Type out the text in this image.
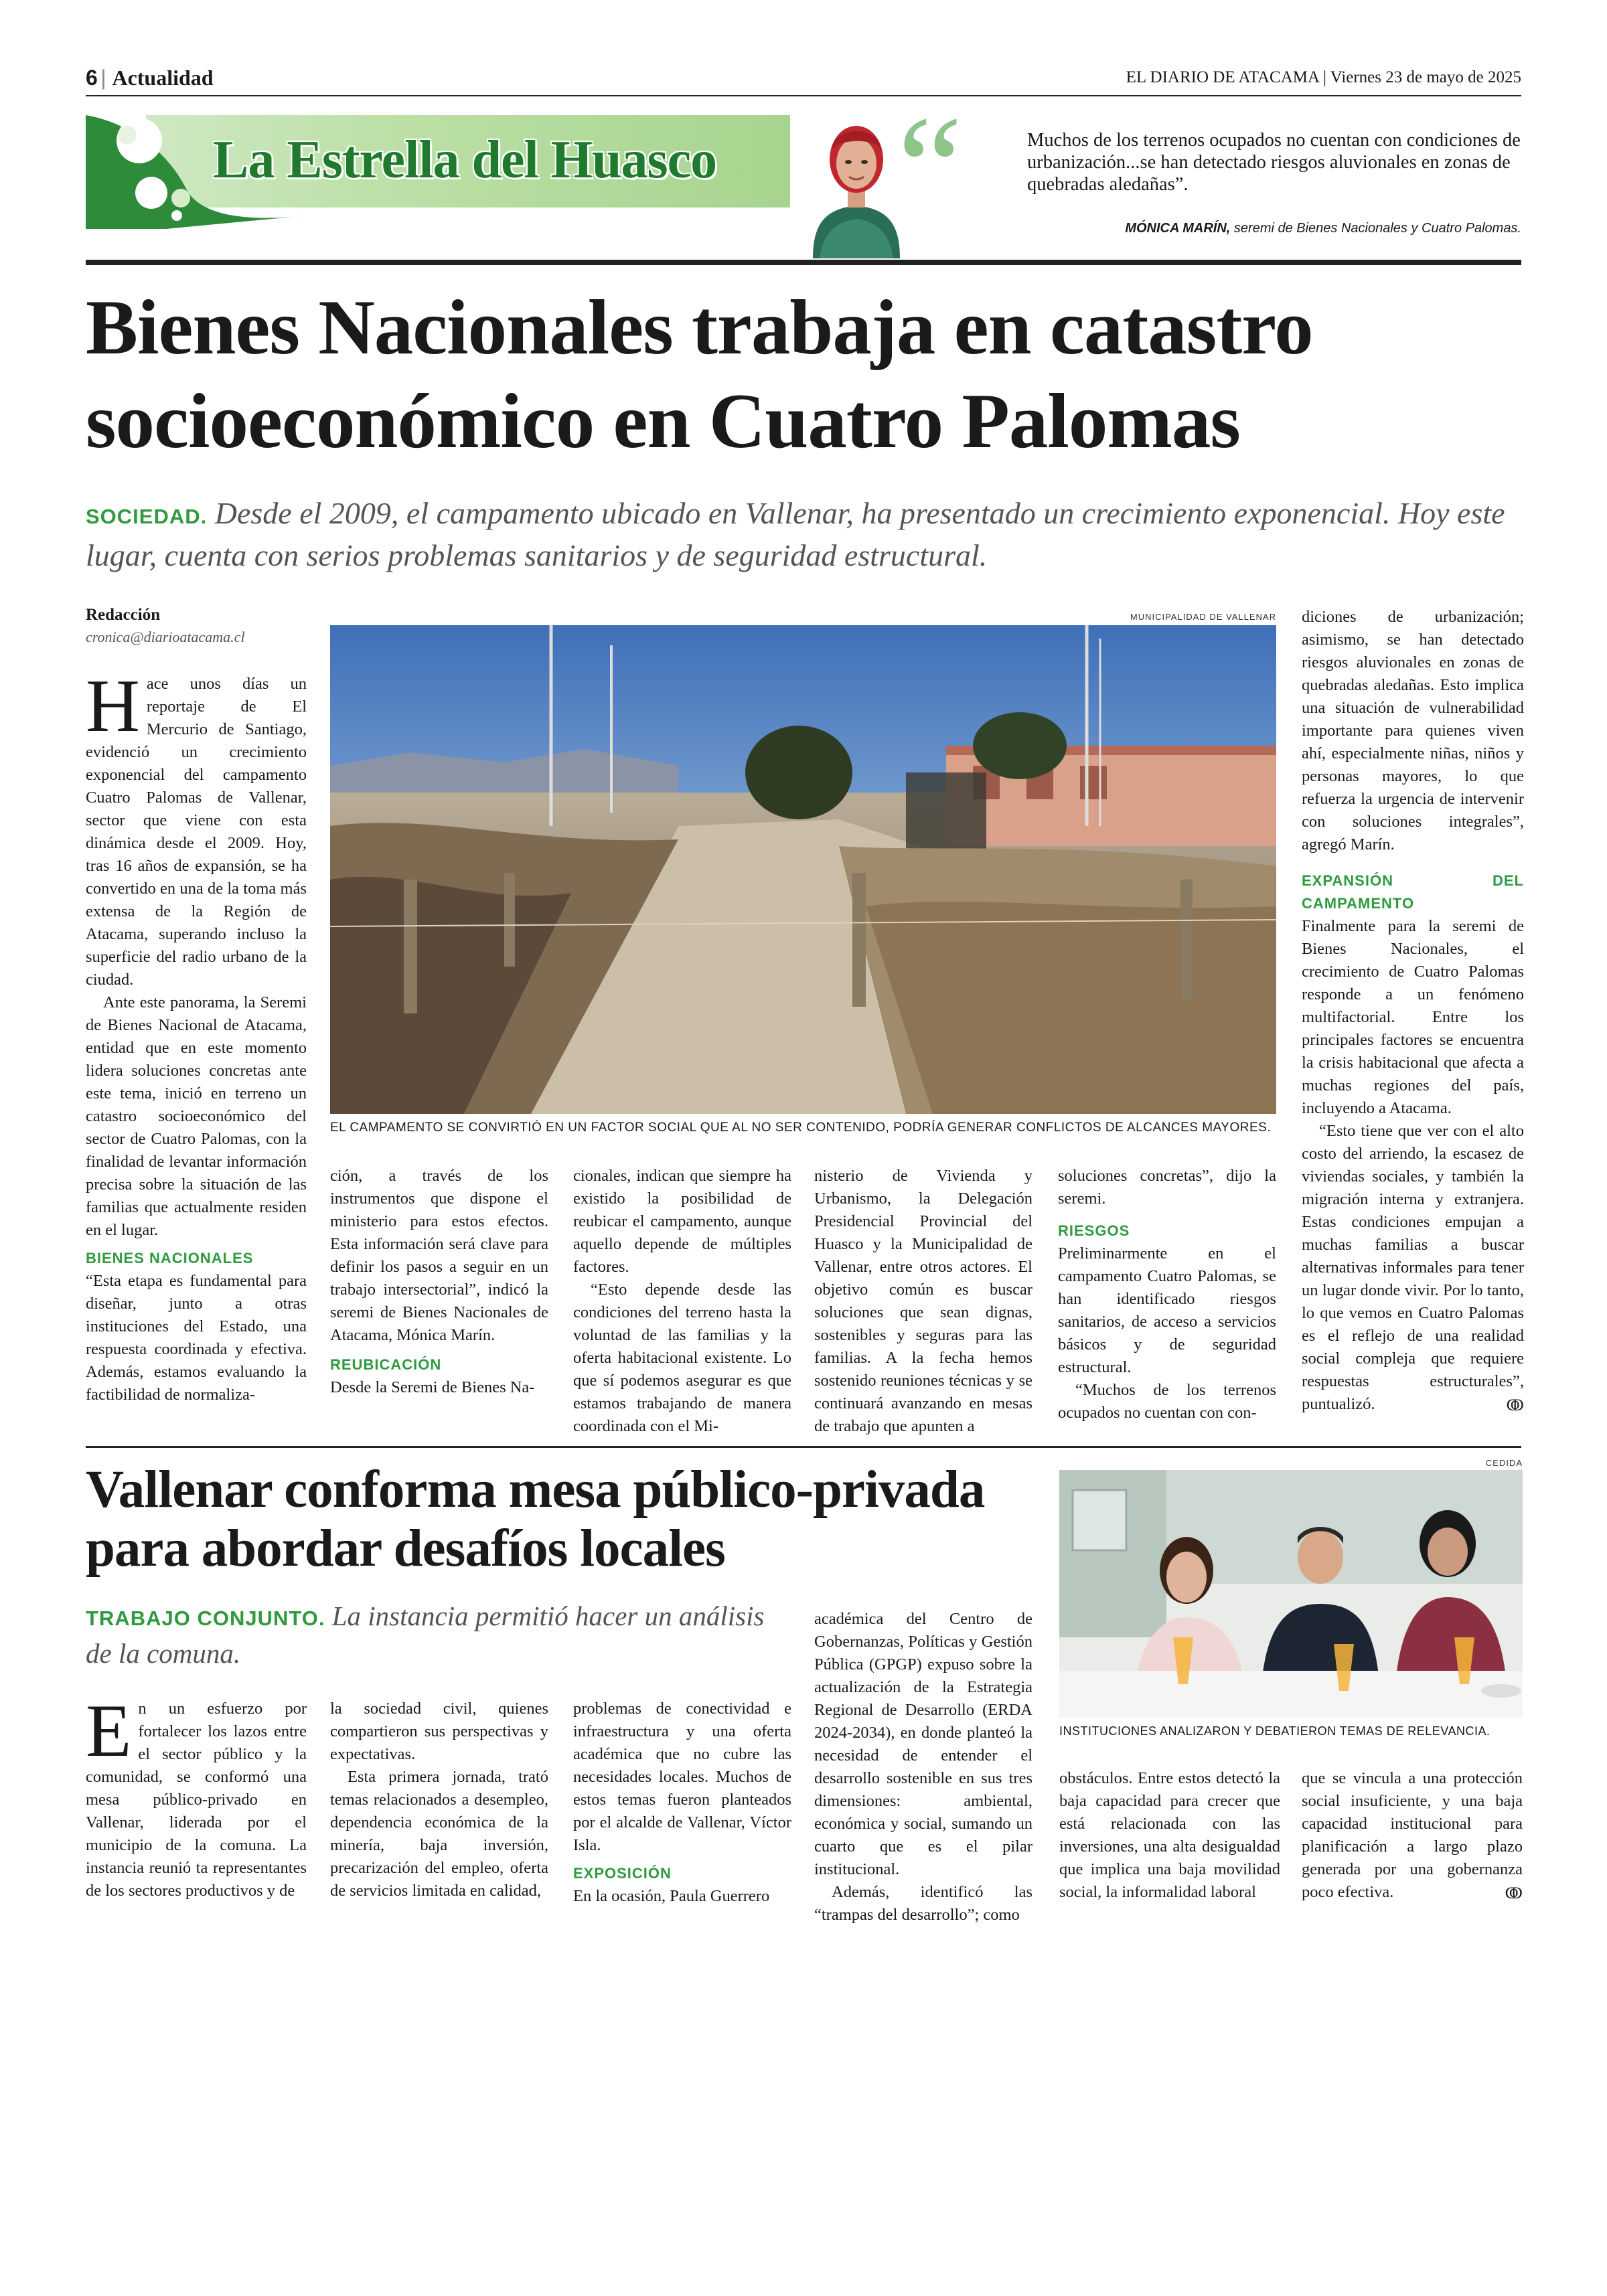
6 | Actualidad	EL DIARIO DE ATACAMA | Viernes 23 de mayo de 2025
La Estrella del Huasco “	Muchos de los terrenos ocupados no cuentan con condiciones de urbanización...se han detectado riesgos aluvionales en zonas de quebradas aledañas”.
MÓNICA MARÍN, seremi de Bienes Nacionales y Cuatro Palomas.
Bienes Nacionales trabaja en catastro
socioeconómico en Cuatro Palomas
SOCIEDAD. Desde el 2009, el campamento ubicado en Vallenar, ha presentado un crecimiento exponencial. Hoy este lugar, cuenta con serios problemas sanitarios y de seguridad estructural.
Redacción
cronica@diarioatacama.cl
MUNICIPALIDAD DE VALLENAR
EL CAMPAMENTO SE CONVIRTIÓ EN UN FACTOR SOCIAL QUE AL NO SER CONTENIDO, PODRÍA GENERAR CONFLICTOS DE ALCANCES MAYORES.

Hace unos días un reportaje de El Mercurio de Santiago, evidenció un crecimiento exponencial del campamento Cuatro Palomas de Vallenar, sector que viene con esta dinámica desde el 2009. Hoy, tras 16 años de expansión, se ha convertido en una de la toma más extensa de la Región de Atacama, superando incluso la superficie del radio urbano de la ciudad.

Ante este panorama, la Seremi de Bienes Nacional de Atacama, entidad que en este momento lidera soluciones concretas ante este tema, inició en terreno un catastro socioeconómico del sector de Cuatro Palomas, con la finalidad de levantar información precisa sobre la situación de las familias que actualmente residen en el lugar.

BIENES NACIONALES

“Esta etapa es fundamental para diseñar, junto a otras instituciones del Estado, una respuesta coordinada y efectiva. Además, estamos evaluando la factibilidad de normaliza-

ción, a través de los instrumentos que dispone el ministerio para estos efectos. Esta información será clave para definir los pasos a seguir en un trabajo intersectorial”, indicó la seremi de Bienes Nacionales de Atacama, Mónica Marín.

REUBICACIÓN

Desde la Seremi de Bienes Na-

cionales, indican que siempre ha existido la posibilidad de reubicar el campamento, aunque aquello depende de múltiples factores.

“Esto depende desde las condiciones del terreno hasta la voluntad de las familias y la oferta habitacional existente. Lo que sí podemos asegurar es que estamos trabajando de manera coordinada con el Mi-

nisterio de Vivienda y Urbanismo, la Delegación Presidencial Provincial del Huasco y la Municipalidad de Vallenar, entre otros actores. El objetivo común es buscar soluciones que sean dignas, sostenibles y seguras para las familias. A la fecha hemos sostenido reuniones técnicas y se continuará avanzando en mesas de trabajo que apunten a

soluciones concretas”, dijo la seremi.

RIESGOS

Preliminarmente en el campamento Cuatro Palomas, se han identificado riesgos sanitarios, de acceso a servicios básicos y de seguridad estructural.

“Muchos de los terrenos ocupados no cuentan con con-

diciones de urbanización; asimismo, se han detectado riesgos aluvionales en zonas de quebradas aledañas. Esto implica una situación de vulnerabilidad importante para quienes viven ahí, especialmente niñas, niños y personas mayores, lo que refuerza la urgencia de intervenir con soluciones integrales”, agregó Marín.

EXPANSIÓN DEL CAMPAMENTO

Finalmente para la seremi de Bienes Nacionales, el crecimiento de Cuatro Palomas responde a un fenómeno multifactorial. Entre los principales factores se encuentra la crisis habitacional que afecta a muchas regiones del país, incluyendo a Atacama.

“Esto tiene que ver con el alto costo del arriendo, la escasez de viviendas sociales, y también la migración interna y extranjera. Estas condiciones empujan a muchas familias a buscar alternativas informales para tener un lugar donde vivir. Por lo tanto, lo que vemos en Cuatro Palomas es el reflejo de una realidad social compleja que requiere respuestas estructurales”, puntualizó.	ↂ
Vallenar conforma mesa público-privada
para abordar desafíos locales
TRABAJO CONJUNTO. La instancia permitió hacer un análisis de la comuna.
CEDIDA
INSTITUCIONES ANALIZARON Y DEBATIERON TEMAS DE RELEVANCIA.

En un esfuerzo por fortalecer los lazos entre el sector público y la comunidad, se conformó una mesa público-privado en Vallenar, liderada por el municipio de la comuna. La instancia reunió ta representantes de los sectores productivos y de

la sociedad civil, quienes compartieron sus perspectivas y expectativas.

Esta primera jornada, trató temas relacionados a desempleo, dependencia económica de la minería, baja inversión, precarización del empleo, oferta de servicios limitada en calidad,

problemas de conectividad e infraestructura y una oferta académica que no cubre las necesidades locales. Muchos de estos temas fueron planteados por el alcalde de Vallenar, Víctor Isla.

EXPOSICIÓN

En la ocasión, Paula Guerrero

académica del Centro de Gobernanzas, Políticas y Gestión Pública (GPGP) expuso sobre la actualización de la Estrategia Regional de Desarrollo (ERDA 2024-2034), en donde planteó la necesidad de entender el desarrollo sostenible en sus tres dimensiones: ambiental, económica y social, sumando un cuarto que es el pilar institucional.

Además, identificó las “trampas del desarrollo”; como

obstáculos. Entre estos detectó la baja capacidad para crecer que está relacionada con las inversiones, una alta desigualdad que implica una baja movilidad social, la informalidad laboral

que se vincula a una protección social insuficiente, y una baja capacidad institucional para planificación a largo plazo generada por una gobernanza poco efectiva.	ↂ
